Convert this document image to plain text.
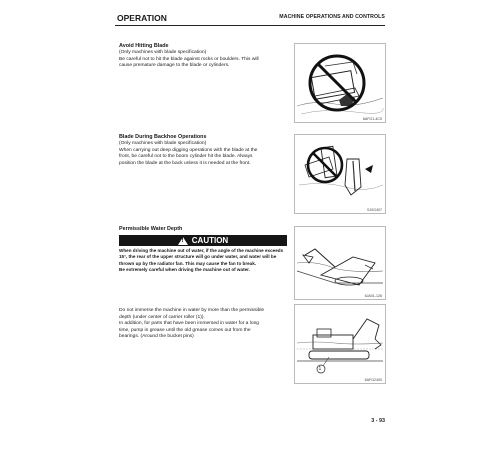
OPERATION	MACHINE OPERATIONS AND CONTROLS
Avoid Hitting Blade
(Only machines with blade specification)
Be careful not to hit the blade against rocks or boulders. This will
cause premature damage to the blade or cylinders.
6AFG1-4C5
Blade During Backhoe Operations
(Only machines with blade specification)
When carrying out deep digging operations with the blade at the
front, be careful not to the boom cylinder hit the blade. Always
position the blade at the back unless it is needed at the front.
SJ0G407
Permissible Water Depth
! CAUTION
When driving the machine out of water, if the angle of the machine exceeds
15°, the rear of the upper structure will go under water, and water will be
thrown up by the radiator fan. This may cause the fan to break.
Be extremely careful when driving the machine out of water.
6JA01-126
Do not immerse the machine in water by more than the permissible
depth (under center of carrier roller (1)).
In addition, for parts that have been immersed in water for a long
time, pump in grease until the old grease comes out from the
bearings. (Around the bucket pins)
1
6AFG2400
3 - 93
